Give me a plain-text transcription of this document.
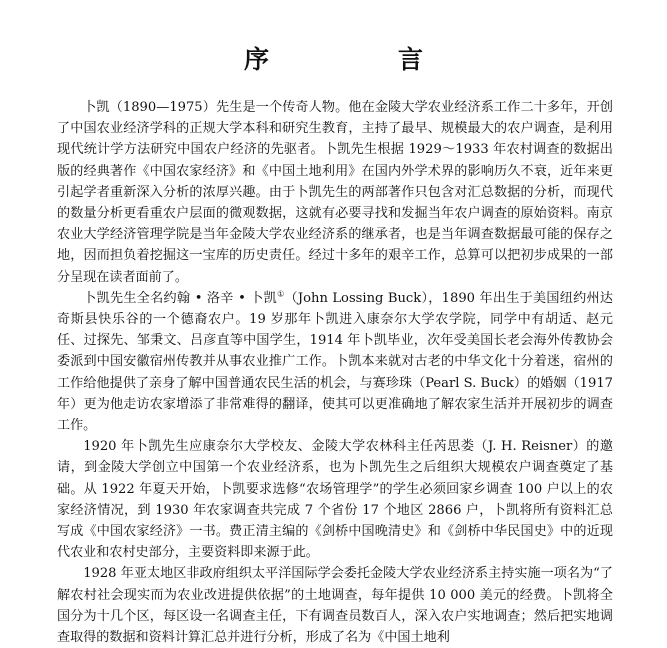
序　言

卜凯（1890—1975）先生是一个传奇人物。他在金陵大学农业经济系工作二十多年，开创了中国农业经济学科的正规大学本科和研究生教育，主持了最早、规模最大的农户调查，是利用现代统计学方法研究中国农户经济的先驱者。卜凯先生根据 1929～1933 年农村调查的数据出版的经典著作《中国农家经济》和《中国土地利用》在国内外学术界的影响历久不衰，近年来更引起学者重新深入分析的浓厚兴趣。由于卜凯先生的两部著作只包含对汇总数据的分析，而现代的数量分析更看重农户层面的微观数据，这就有必要寻找和发掘当年农户调查的原始资料。南京农业大学经济管理学院是当年金陵大学农业经济系的继承者，也是当年调查数据最可能的保存之地，因而担负着挖掘这一宝库的历史责任。经过十多年的艰辛工作，总算可以把初步成果的一部分呈现在读者面前了。

卜凯先生全名约翰 • 洛辛 • 卜凯①（John Lossing Buck），1890 年出生于美国纽约州达奇斯县快乐谷的一个德裔农户。19 岁那年卜凯进入康奈尔大学农学院，同学中有胡适、赵元任、过探先、邹秉文、吕彦直等中国学生，1914 年卜凯毕业，次年受美国长老会海外传教协会委派到中国安徽宿州传教并从事农业推广工作。卜凯本来就对古老的中华文化十分着迷，宿州的工作给他提供了亲身了解中国普通农民生活的机会，与赛珍珠（Pearl S. Buck）的婚姻（1917 年）更为他走访农家增添了非常难得的翻译，使其可以更准确地了解农家生活并开展初步的调查工作。

1920 年卜凯先生应康奈尔大学校友、金陵大学农林科主任芮思娄（J. H. Reisner）的邀请，到金陵大学创立中国第一个农业经济系，也为卜凯先生之后组织大规模农户调查奠定了基础。从 1922 年夏天开始，卜凯要求选修“农场管理学”的学生必须回家乡调查 100 户以上的农家经济情况，到 1930 年农家调查共完成 7 个省份 17 个地区 2866 户，卜凯将所有资料汇总写成《中国农家经济》一书。费正清主编的《剑桥中国晚清史》和《剑桥中华民国史》中的近现代农业和农村史部分，主要资料即来源于此。

1928 年亚太地区非政府组织太平洋国际学会委托金陵大学农业经济系主持实施一项名为“了解农村社会现实而为农业改进提供依据”的土地调查，每年提供 10 000 美元的经费。卜凯将全国分为十几个区，每区设一名调查主任，下有调查员数百人，深入农户实地调查；然后把实地调查取得的数据和资料计算汇总并进行分析，形成了名为《中国土地利
